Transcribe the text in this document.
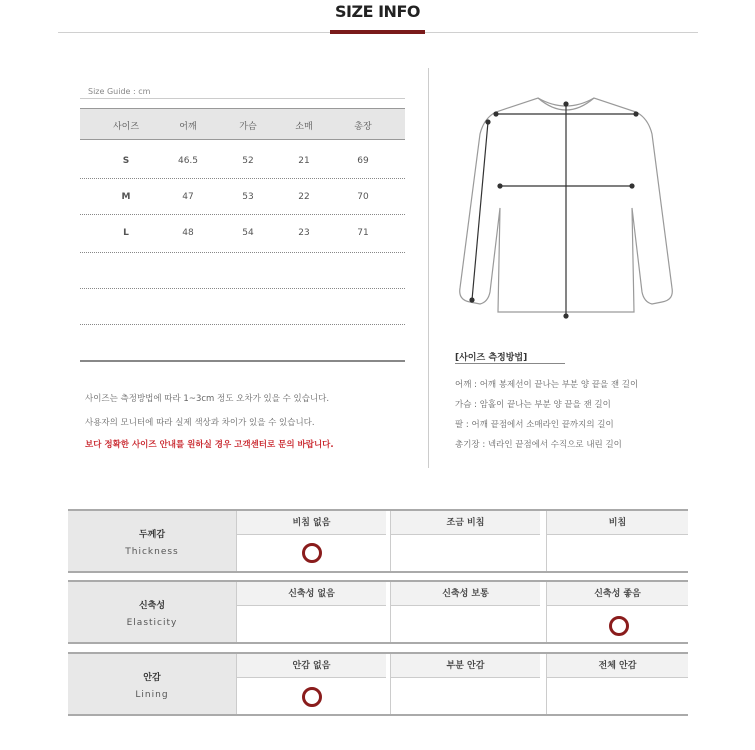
SIZE INFO
Size Guide : cm
사이즈	어깨	가슴	소매	총장
S	46.5	52	21	69
M	47	53	22	70
L	48	54	23	71
사이즈는 측정방법에 따라 1~3cm 정도 오차가 있을 수 있습니다.
사용자의 모니터에 따라 실제 색상과 차이가 있을 수 있습니다.
보다 정확한 사이즈 안내를 원하실 경우 고객센터로 문의 바랍니다.
[사이즈 측정방법]
어깨 : 어깨 봉제선이 끝나는 부분 양 끝을 잰 길이
가슴 : 암홀이 끝나는 부분 양 끝을 잰 길이
팔 : 어깨 끝점에서 소매라인 끝까지의 길이
총기장 : 넥라인 끝점에서 수직으로 내린 길이
두께감
Thickness
비침 없음	조금 비침	비침
신축성
Elasticity
신축성 없음	신축성 보통	신축성 좋음
안감
Lining
안감 없음	부분 안감	전체 안감
